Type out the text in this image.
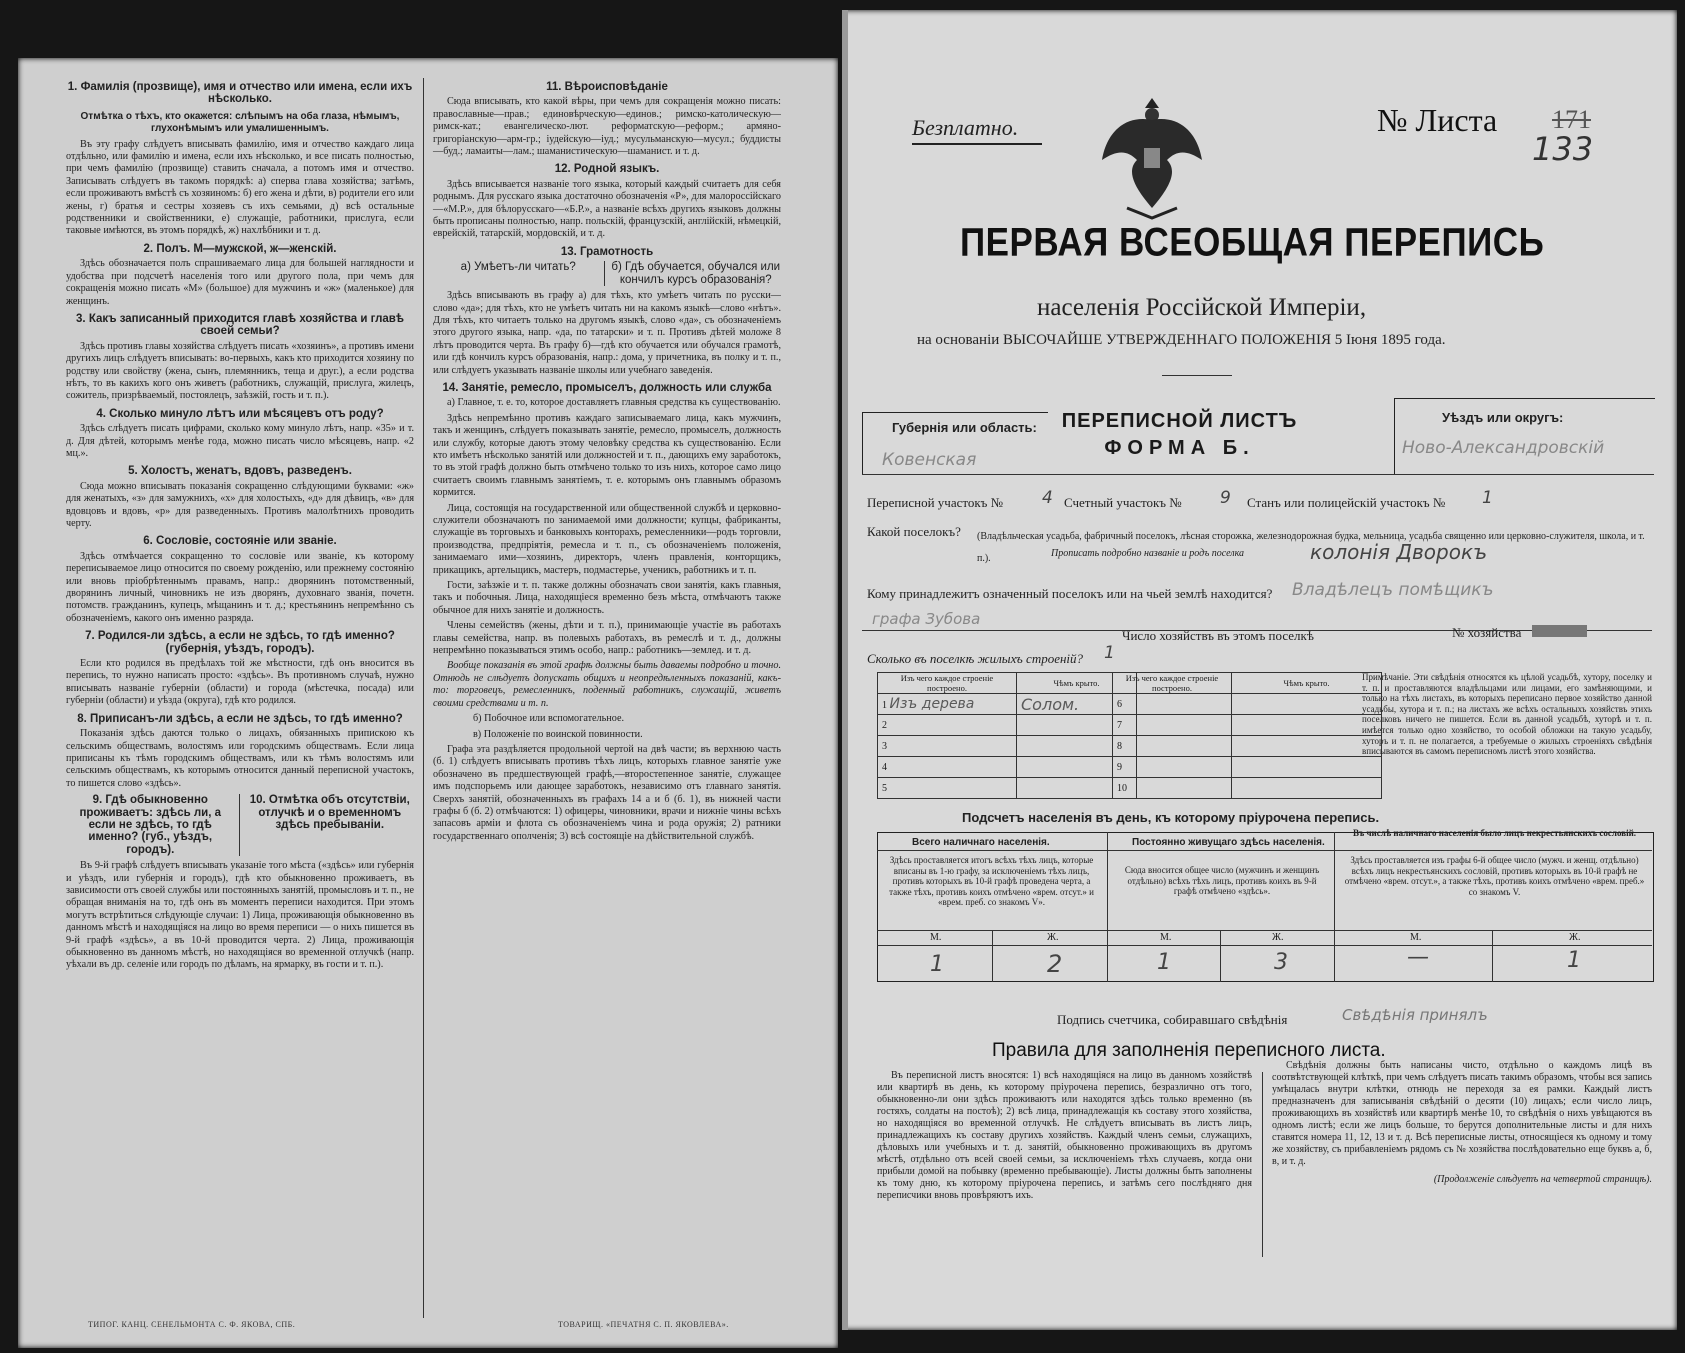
1. Фамилія (прозвище), имя и отчество или имена, если ихъ нѣсколько.
Отмѣтка о тѣхъ, кто окажется: слѣпымъ на оба глаза, нѣмымъ, глухонѣмымъ или умалишеннымъ.

Въ эту графу слѣдуетъ вписывать фамилію, имя и отчество каждаго лица отдѣльно, или фамилію и имена, если ихъ нѣсколько, и все писать полностью, при чемъ фамилію (прозвище) ставить сначала, а потомъ имя и отчество. Записывать слѣдуетъ въ такомъ порядкѣ: а) сперва глава хозяйства; затѣмъ, если проживаютъ вмѣстѣ съ хозяиномъ: б) его жена и дѣти, в) родители его или жены, г) братья и сестры хозяевъ съ ихъ семьями, д) всѣ остальные родственники и свойственники, е) служащіе, работники, прислуга, если таковые имѣются, въ этомъ порядкѣ, ж) нахлѣбники и т. д.

2. Полъ. М—мужской, ж—женскій.

Здѣсь обозначается полъ спрашиваемаго лица для большей наглядности и удобства при подсчетѣ населенія того или другого пола, при чемъ для сокращенія можно писать «М» (большое) для мужчинъ и «ж» (маленькое) для женщинъ.

3. Какъ записанный приходится главѣ хозяйства и главѣ своей семьи?

Здѣсь противъ главы хозяйства слѣдуетъ писать «хозяинъ», а противъ имени другихъ лицъ слѣдуетъ вписывать: во-первыхъ, какъ кто приходится хозяину по родству или свойству (жена, сынъ, племянникъ, теща и друг.), а если родства нѣтъ, то въ какихъ кого онъ живетъ (работникъ, служащій, прислуга, жилецъ, сожитель, призрѣваемый, постоялецъ, заѣзжій, гость и т. п.).

4. Сколько минуло лѣтъ или мѣсяцевъ отъ роду?

Здѣсь слѣдуетъ писать цифрами, сколько кому минуло лѣтъ, напр. «35» и т. д. Для дѣтей, которымъ менѣе года, можно писать число мѣсяцевъ, напр. «2 мц.».

5. Холостъ, женатъ, вдовъ, разведенъ.

Сюда можно вписывать показанія сокращенно слѣдующими буквами: «ж» для женатыхъ, «з» для замужнихъ, «х» для холостыхъ, «д» для дѣвицъ, «в» для вдовцовъ и вдовъ, «р» для разведенныхъ. Противъ малолѣтнихъ проводить черту.

6. Сословіе, состояніе или званіе.

Здѣсь отмѣчается сокращенно то сословіе или званіе, къ которому переписываемое лицо относится по своему рожденію, или прежнему состоянію или вновь пріобрѣтеннымъ правамъ, напр.: дворянинъ потомственный, дворянинъ личный, чиновникъ не изъ дворянъ, духовнаго званія, почетн. потомств. гражданинъ, купецъ, мѣщанинъ и т. д.; крестьянинъ непремѣнно съ обозначеніемъ, какого онъ именно разряда.

7. Родился-ли здѣсь, а если не здѣсь, то гдѣ именно? (губернія, уѣздъ, городъ).

Если кто родился въ предѣлахъ той же мѣстности, гдѣ онъ вносится въ перепись, то нужно написать просто: «здѣсь». Въ противномъ случаѣ, нужно вписывать названіе губерніи (области) и города (мѣстечка, посада) или губерніи (области) и уѣзда (округа), гдѣ кто родился.

8. Приписанъ-ли здѣсь, а если не здѣсь, то гдѣ именно?

Показанія здѣсь даются только о лицахъ, обязанныхъ припискою къ сельскимъ обществамъ, волостямъ или городскимъ обществамъ. Если лица приписаны къ тѣмъ городскимъ обществамъ, или къ тѣмъ волостямъ или сельскимъ обществамъ, къ которымъ относится данный переписной участокъ, то пишется слово «здѣсь».

9. Гдѣ обыкновенно проживаетъ: здѣсь ли, а если не здѣсь, то гдѣ именно? (губ., уѣздъ, городъ).
10. Отмѣтка объ отсутствіи, отлучкѣ и о временномъ здѣсь пребываніи.

Въ 9-й графѣ слѣдуетъ вписывать указаніе того мѣста («здѣсь» или губернія и уѣздъ, или губернія и городъ), гдѣ кто обыкновенно проживаетъ, въ зависимости отъ своей службы или постоянныхъ занятій, промысловъ и т. п., не обращая вниманія на то, гдѣ онъ въ моментъ переписи находится. При этомъ могутъ встрѣтиться слѣдующіе случаи: 1) Лица, проживающія обыкновенно въ данномъ мѣстѣ и находящіяся на лицо во время переписи — о нихъ пишется въ 9-й графѣ «здѣсь», а въ 10-й проводится черта. 2) Лица, проживающія обыкновенно въ данномъ мѣстѣ, но находящіяся во временной отлучкѣ (напр. уѣхали въ др. селеніе или городъ по дѣламъ, на ярмарку, въ гости и т. п.).

ТИПОГ. КАНЦ. СЕНЕЛЬМОНТА С. Ф. ЯКОВА, СПБ.
11. Вѣроисповѣданіе

Сюда вписывать, кто какой вѣры, при чемъ для сокращенія можно писать: православные—прав.; единовѣрческую—единов.; римско-католическую—римск-кат.; евангелическо-лют. реформатскую—реформ.; армяно-григоріанскую—арм-гр.; іудейскую—іуд.; мусульманскую—мусул.; буддисты—буд.; ламаиты—лам.; шаманистическую—шаманист. и т. д.

12. Родной языкъ.

Здѣсь вписывается названіе того языка, который каждый считаетъ для себя роднымъ. Для русскаго языка достаточно обозначенія «Р», для малороссійскаго—«М.Р.», для бѣлорусскаго—«Б.Р.», а названіе всѣхъ другихъ языковъ должны быть прописаны полностью, напр. польскій, французскій, англійскій, нѣмецкій, еврейскій, татарскій, мордовскій, и т. д.

13. Грамотность
а) Умѣетъ-ли читать?	б) Гдѣ обучается, обучался или кончилъ курсъ образованія?

Здѣсь вписывають въ графу а) для тѣхъ, кто умѣетъ читать по русски—слово «да»; для тѣхъ, кто не умѣетъ читать ни на какомъ языкѣ—слово «нѣтъ». Для тѣхъ, кто читаетъ только на другомъ языкѣ, слово «да», съ обозначеніемъ этого другого языка, напр. «да, по татарски» и т. п. Противъ дѣтей моложе 8 лѣтъ проводится черта. Въ графу б)—гдѣ кто обучается или обучался грамотѣ, или гдѣ кончилъ курсъ образованія, напр.: дома, у причетника, въ полку и т. п., или слѣдуетъ указывать названіе школы или учебнаго заведенія.

14. Занятіе, ремесло, промыселъ, должность или служба

а) Главное, т. е. то, которое доставляетъ главныя средства къ существованію.

Здѣсь непремѣнно противъ каждаго записываемаго лица, какъ мужчинъ, такъ и женщинъ, слѣдуетъ показывать занятіе, ремесло, промыселъ, должность или службу, которые даютъ этому человѣку средства къ существованію. Если кто имѣетъ нѣсколько занятій или должностей и т. п., дающихъ ему заработокъ, то въ этой графѣ должно быть отмѣчено только то изъ нихъ, которое само лицо считаетъ своимъ главнымъ занятіемъ, т. е. которымъ онъ главнымъ образомъ кормится.

Лица, состоящія на государственной или общественной службѣ и церковно-служители обозначаютъ по занимаемой ими должности; купцы, фабриканты, служащіе въ торговыхъ и банковыхъ конторахъ, ремесленники—родъ торговли, производства, предпріятія, ремесла и т. п., съ обозначеніемъ положенія, занимаемаго ими—хозяинъ, директоръ, членъ правленія, конторщикъ, прикащикъ, артельщикъ, мастеръ, подмастерье, ученикъ, работникъ и т. п.

Гости, заѣзжіе и т. п. также должны обозначать свои занятія, какъ главныя, такъ и побочныя. Лица, находящіеся временно безъ мѣста, отмѣчаютъ также обычное для нихъ занятіе и должность.

Члены семействъ (жены, дѣти и т. п.), принимающіе участіе въ работахъ главы семейства, напр. въ полевыхъ работахъ, въ ремеслѣ и т. д., должны непремѣнно показываться этимъ особо, напр.: работникъ—землед. и т. д.

Вообще показанія въ этой графѣ должны быть даваемы подробно и точно. Отнюдь не слѣдуетъ допускать общихъ и неопредѣленныхъ показаній, какъ-то: торговецъ, ремесленникъ, поденный работникъ, служащій, живетъ своими средствами и т. п.

б) Побочное или вспомогательное.

в) Положеніе по воинской повинности.

Графа эта раздѣляется продольной чертой на двѣ части; въ верхнюю часть (б. 1) слѣдуетъ вписывать противъ тѣхъ лицъ, которыхъ главное занятіе уже обозначено въ предшествующей графѣ,—второстепенное занятіе, служащее имъ подспорьемъ или дающее заработокъ, независимо отъ главнаго занятія. Сверхъ занятій, обозначенныхъ въ графахъ 14 а и б (б. 1), въ нижней части графы б (б. 2) отмѣчаются: 1) офицеры, чиновники, врачи и нижніе чины всѣхъ запасовъ арміи и флота съ обозначеніемъ чина и рода оружія; 2) ратники государственнаго ополченія; 3) всѣ состоящіе на дѣйствительной службѣ.

ТОВАРИЩ. «ПЕЧАТНЯ С. П. ЯКОВЛЕВА».
Безплатно.	№ Листа 171
133
ПЕРВАЯ ВСЕОБЩАЯ ПЕРЕПИСЬ
населенія Россійской Имперіи,
на основаніи ВЫСОЧАЙШЕ УТВЕРЖДЕННАГО ПОЛОЖЕНІЯ 5 Іюня 1895 года.
Губернія или область:
Ковенская
ПЕРЕПИСНОЙ ЛИСТЪ
ФОРМА Б.
Уѣздъ или округъ:
Ново-Александровскій
Переписной участокъ № 4 Счетный участокъ № 9 Станъ или полицейскій участокъ № 1
Какой поселокъ? (Владѣльческая усадьба, фабричный поселокъ, лѣсная сторожка, железнодорожная будка, мельница, усадьба священно или церковно-служителя, школа, и т. п.).	Прописать подробно названіе и родъ поселка	колонія Дворокъ
Кому принадлежитъ означенный поселокъ или на чьей землѣ находится? Владѣлецъ помѣщикъ
графа Зубова
Число хозяйствъ въ этомъ поселкѣ	№ хозяйства
Сколько въ поселкѣ жилыхъ строеній? 1
Изъ чего каждое строеніе построено.	Чѣмъ крыто.
1 Изъ дерева	Солом.
2	
3	
4	
5	
Изъ чего каждое строеніе построено.	Чѣмъ крыто.
6	
7	
8	
9	
10	
Примѣчаніе. Эти свѣдѣнія относятся къ цѣлой усадьбѣ, хутору, поселку и т. п. и проставляются владѣльцами или лицами, его замѣняющими, и только на тѣхъ листахъ, въ которыхъ переписано первое хозяйство данной усадьбы, хутора и т. п.; на листахъ же всѣхъ остальныхъ хозяйствъ этихъ поселковъ ничего не пишется. Если въ данной усадьбѣ, хуторѣ и т. п. имѣется только одно хозяйство, то особой обложки на такую усадьбу, хуторъ и т. п. не полагается, а требуемые о жилыхъ строеніяхъ свѣдѣнія вписываются въ самомъ переписномъ листѣ этого хозяйства.
Подсчетъ населенія въ день, къ которому пріурочена перепись.
Всего наличнаго населенія.
Здѣсь проставляется итогъ всѣхъ тѣхъ лицъ, которые вписаны въ 1-ю графу, за исключеніемъ тѣхъ лицъ, противъ которыхъ въ 10-й графѣ проведена черта, а также тѣхъ, противъ коихъ отмѣчено «врем. отсут.» и «врем. преб. со знакомъ V».
Постоянно живущаго здѣсь населенія.
Сюда вносится общее число (мужчинъ и женщинъ отдѣльно) всѣхъ тѣхъ лицъ, противъ коихъ въ 9-й графѣ отмѣчено «здѣсь».
Въ числѣ наличнаго населенія было лицъ некрестьянскихъ сословій.
Здѣсь проставляется изъ графы 6-й общее число (мужч. и женщ. отдѣльно) всѣхъ лицъ некрестьянскихъ сословій, противъ которыхъ въ 10-й графѣ не отмѣчено «врем. отсут.», а также тѣхъ, противъ коихъ отмѣчено «врем. преб.» со знакомъ V.
М.	Ж.	М.	Ж.	М.	Ж.
1	2	1	3	—	1
Подпись счетчика, собиравшаго свѣдѣнія	Свѣдѣнія принялъ
Правила для заполненія переписного листа.

Въ переписной листъ вносятся: 1) всѣ находящіяся на лицо въ данномъ хозяйствѣ или квартирѣ въ день, къ которому пріурочена перепись, безразлично отъ того, обыкновенно-ли они здѣсь проживаютъ или находятся здѣсь только временно (въ гостяхъ, солдаты на постоѣ); 2) всѣ лица, принадлежащія къ составу этого хозяйства, но находящіяся во временной отлучкѣ. Не слѣдуетъ вписывать въ листъ лицъ, принадлежащихъ къ составу другихъ хозяйствъ. Каждый членъ семьи, служащихъ, дѣловыхъ или учебныхъ и т. д. занятій, обыкновенно проживающихъ въ другомъ мѣстѣ, отдѣльно отъ всей своей семьи, за исключеніемъ тѣхъ случаевъ, когда они прибыли домой на побывку (временно пребывающіе). Листы должны быть заполнены къ тому дню, къ которому пріурочена перепись, и затѣмъ сего послѣдняго дня переписчики вновь провѣряютъ ихъ.

Свѣдѣнія должны быть написаны чисто, отдѣльно о каждомъ лицѣ въ соотвѣтствующей клѣткѣ, при чемъ слѣдуетъ писать такимъ образомъ, чтобы вся запись умѣщалась внутри клѣтки, отнюдь не переходя за ея рамки. Каждый листъ предназначенъ для записыванія свѣдѣній о десяти (10) лицахъ; если число лицъ, проживающихъ въ хозяйствѣ или квартирѣ менѣе 10, то свѣдѣнія о нихъ увѣщаются въ одномъ листѣ; если же лицъ больше, то берутся дополнительные листы и для нихъ ставятся номера 11, 12, 13 и т. д. Всѣ переписные листы, относящіеся къ одному и тому же хозяйству, съ прибавленіемъ рядомъ съ № хозяйства послѣдовательно еще буквъ а, б, в, и т. д.

(Продолженіе слѣдуетъ на четвертой страницѣ).
